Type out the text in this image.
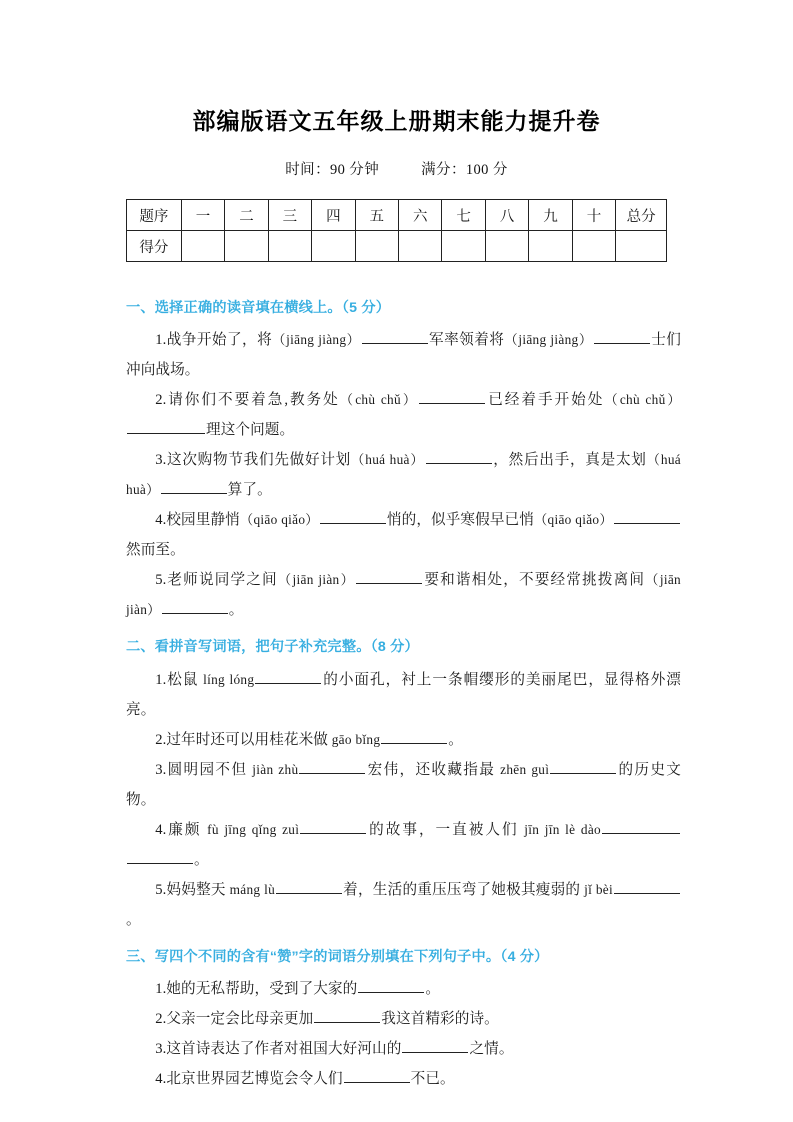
部编版语文五年级上册期末能力提升卷

时间：90 分钟	满分：100 分

题序	一	二	三	四	五	六	七	八	九	十	总分
得分											

一、选择正确的读音填在横线上。（5 分）

1.战争开始了，将（jiāng jiàng）	军率领着将（jiāng jiàng）	士们冲向战场。

2.请你们不要着急,教务处（chù chǔ）	已经着手开始处（chù chǔ）理这个问题。

3.这次购物节我们先做好计划（huá huà）	，然后出手，真是太划（huá huà）	算了。

4.校园里静悄（qiāo qiǎo）	悄的，似乎寒假早已悄（qiāo qiǎo）然而至。

5.老师说同学之间（jiān jiàn）	要和谐相处，不要经常挑拨离间（jiān jiàn）	。

二、看拼音写词语，把句子补充完整。（8 分）

1.松鼠 líng lóng	的小面孔，衬上一条帽缨形的美丽尾巴，显得格外漂亮。

2.过年时还可以用桂花米做 gāo bǐng	。

3.圆明园不但 jiàn zhù	宏伟，还收藏指最 zhēn guì	的历史文物。

4.廉颇 fù jīng qǐng zuì	的故事，一直被人们 jīn jīn lè dào。

5.妈妈整天 máng lù	着，生活的重压压弯了她极其瘦弱的 jǐ bèi。

三、写四个不同的含有“赞”字的词语分别填在下列句子中。（4 分）

1.她的无私帮助，受到了大家的	。

2.父亲一定会比母亲更加	我这首精彩的诗。

3.这首诗表达了作者对祖国大好河山的	之情。

4.北京世界园艺博览会令人们	不已。
